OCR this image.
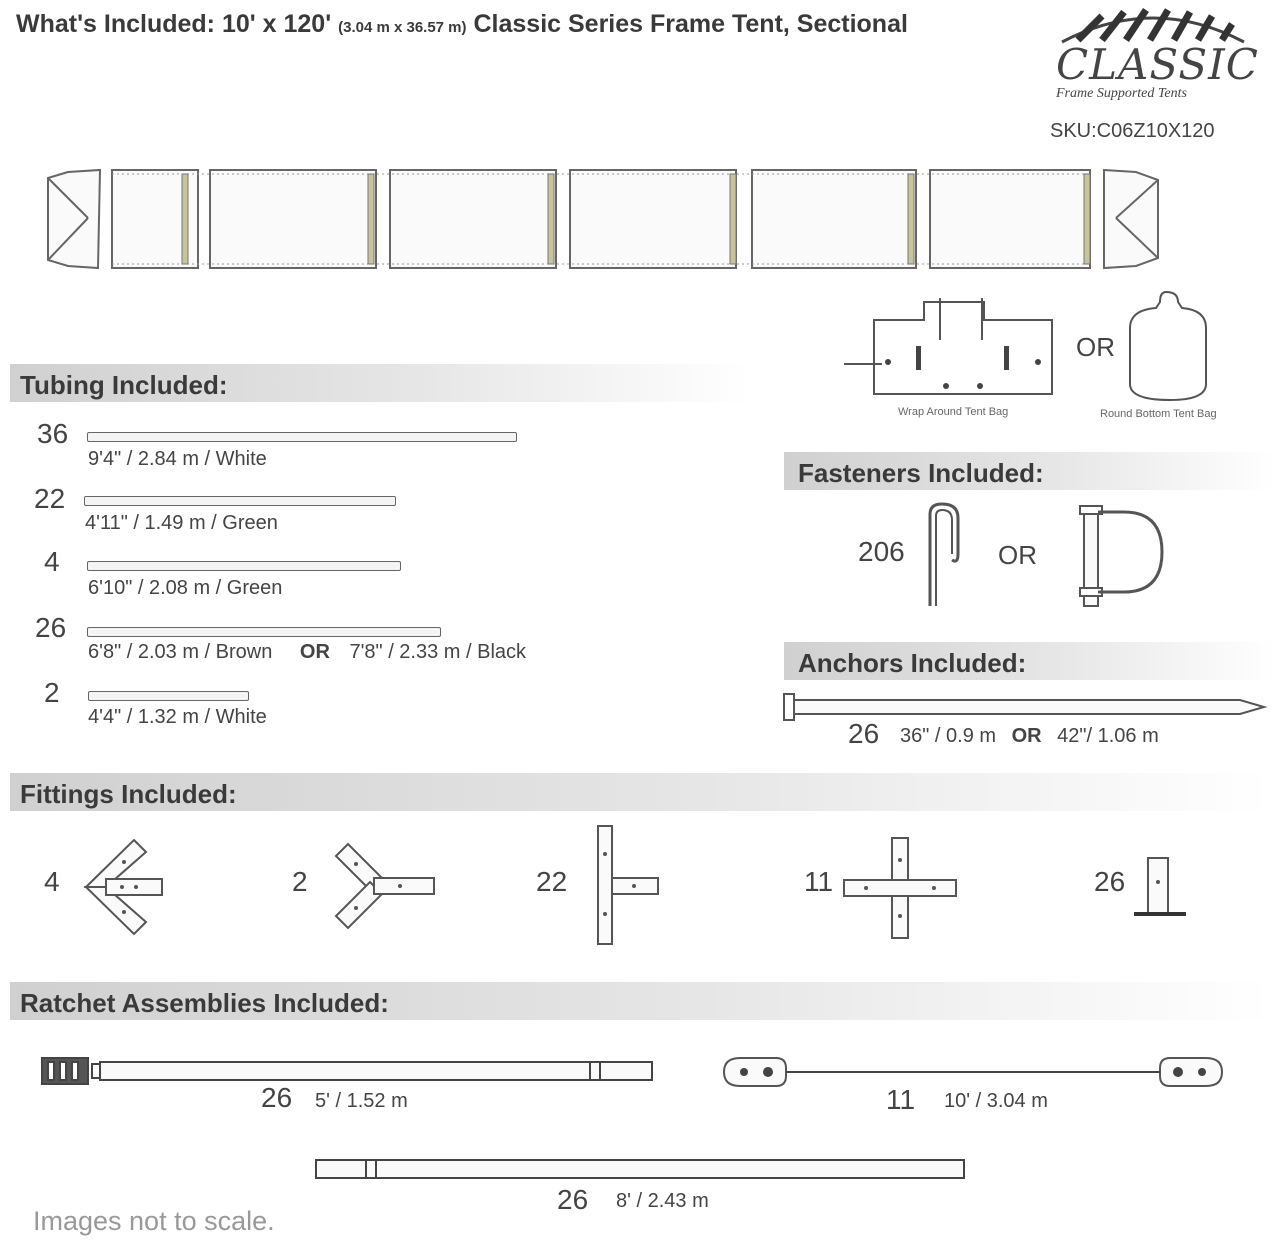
What's Included: 10' x 120' (3.04 m x 36.57 m) Classic Series Frame Tent, Sectional
CLASSIC
Frame Supported Tents
SKU:C06Z10X120
Wrap Around Tent Bag
OR
Round Bottom Tent Bag
Tubing Included:
36
9'4" / 2.84 m / White
22
4'11" / 1.49 m / Green
4
6'10" / 2.08 m / Green
26
6'8" / 2.03 m / Brown OR 7'8" / 2.33 m / Black
2
4'4" / 1.32 m / White
Fasteners Included:
206	OR
Anchors Included:
26 36" / 0.9 m OR 42"/ 1.06 m
Fittings Included:
4	2	22	11	26
Ratchet Assemblies Included:
26 5' / 1.52 m	11 10' / 3.04 m
26 8' / 2.43 m
Images not to scale.
